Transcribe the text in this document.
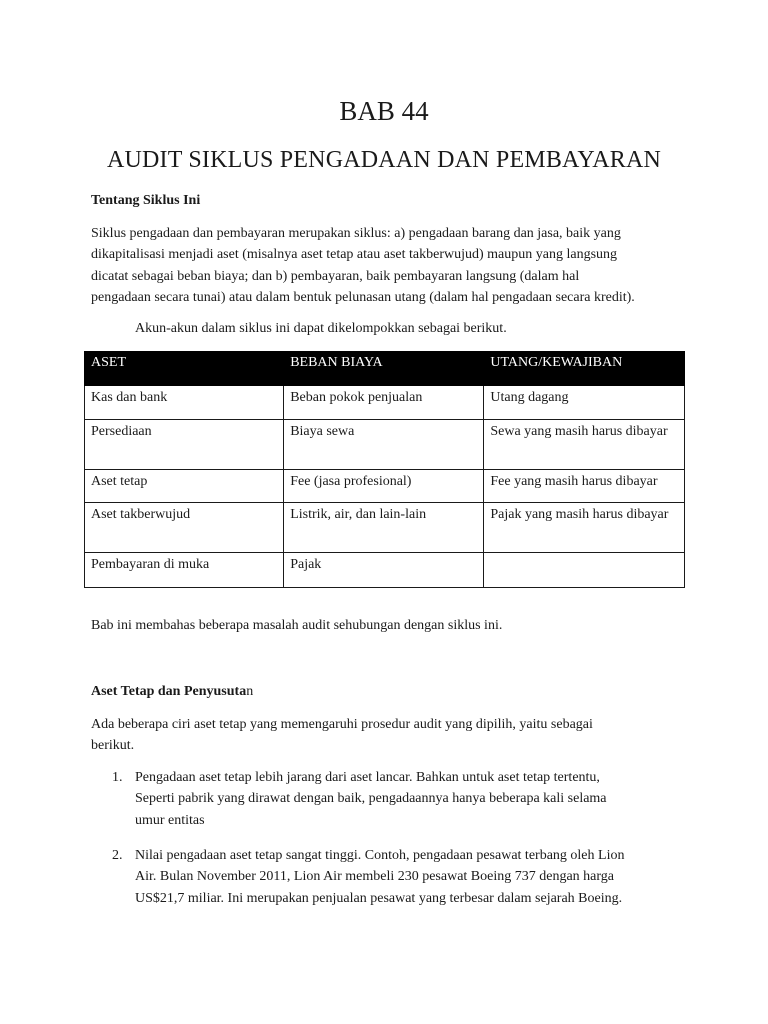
BAB 44
AUDIT SIKLUS PENGADAAN DAN PEMBAYARAN
Tentang Siklus Ini
Siklus pengadaan dan pembayaran merupakan siklus: a) pengadaan barang dan jasa, baik yang
dikapitalisasi menjadi aset (misalnya aset tetap atau aset takberwujud) maupun yang langsung
dicatat sebagai beban biaya; dan b) pembayaran, baik pembayaran langsung (dalam hal
pengadaan secara tunai) atau dalam bentuk pelunasan utang (dalam hal pengadaan secara kredit).
Akun-akun dalam siklus ini dapat dikelompokkan sebagai berikut.
ASET	BEBAN BIAYA	UTANG/KEWAJIBAN
Kas dan bank	Beban pokok penjualan	Utang dagang
Persediaan	Biaya sewa	Sewa yang masih harus dibayar
Aset tetap	Fee (jasa profesional)	Fee yang masih harus dibayar
Aset takberwujud	Listrik, air, dan lain-lain	Pajak yang masih harus dibayar
Pembayaran di muka	Pajak	
Bab ini membahas beberapa masalah audit sehubungan dengan siklus ini.
Aset Tetap dan Penyusutan
Ada beberapa ciri aset tetap yang memengaruhi prosedur audit yang dipilih, yaitu sebagai
berikut.
1. Pengadaan aset tetap lebih jarang dari aset lancar. Bahkan untuk aset tetap tertentu,
Seperti pabrik yang dirawat dengan baik, pengadaannya hanya beberapa kali selama
umur entitas
2. Nilai pengadaan aset tetap sangat tinggi. Contoh, pengadaan pesawat terbang oleh Lion
Air. Bulan November 2011, Lion Air membeli 230 pesawat Boeing 737 dengan harga
US$21,7 miliar. Ini merupakan penjualan pesawat yang terbesar dalam sejarah Boeing.
